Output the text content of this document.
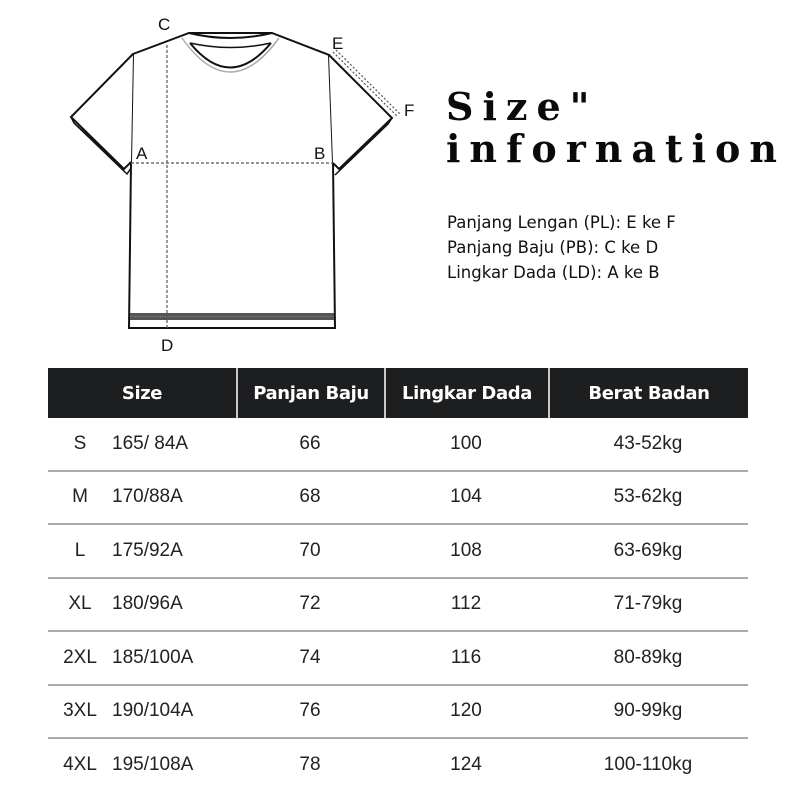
C
E
F
A	B
D
Size"
infornation
Panjang Lengan (PL): E ke F
Panjang Baju (PB): C ke D
Lingkar Dada (LD): A ke B
Size	Panjan Baju	Lingkar Dada	Berat Badan
S 165/ 84A	66	100	43-52kg
M 170/88A	68	104	53-62kg
L 175/92A	70	108	63-69kg
XL 180/96A	72	112	71-79kg
2XL 185/100A	74	116	80-89kg
3XL 190/104A	76	120	90-99kg
4XL 195/108A	78	124	100-110kg
